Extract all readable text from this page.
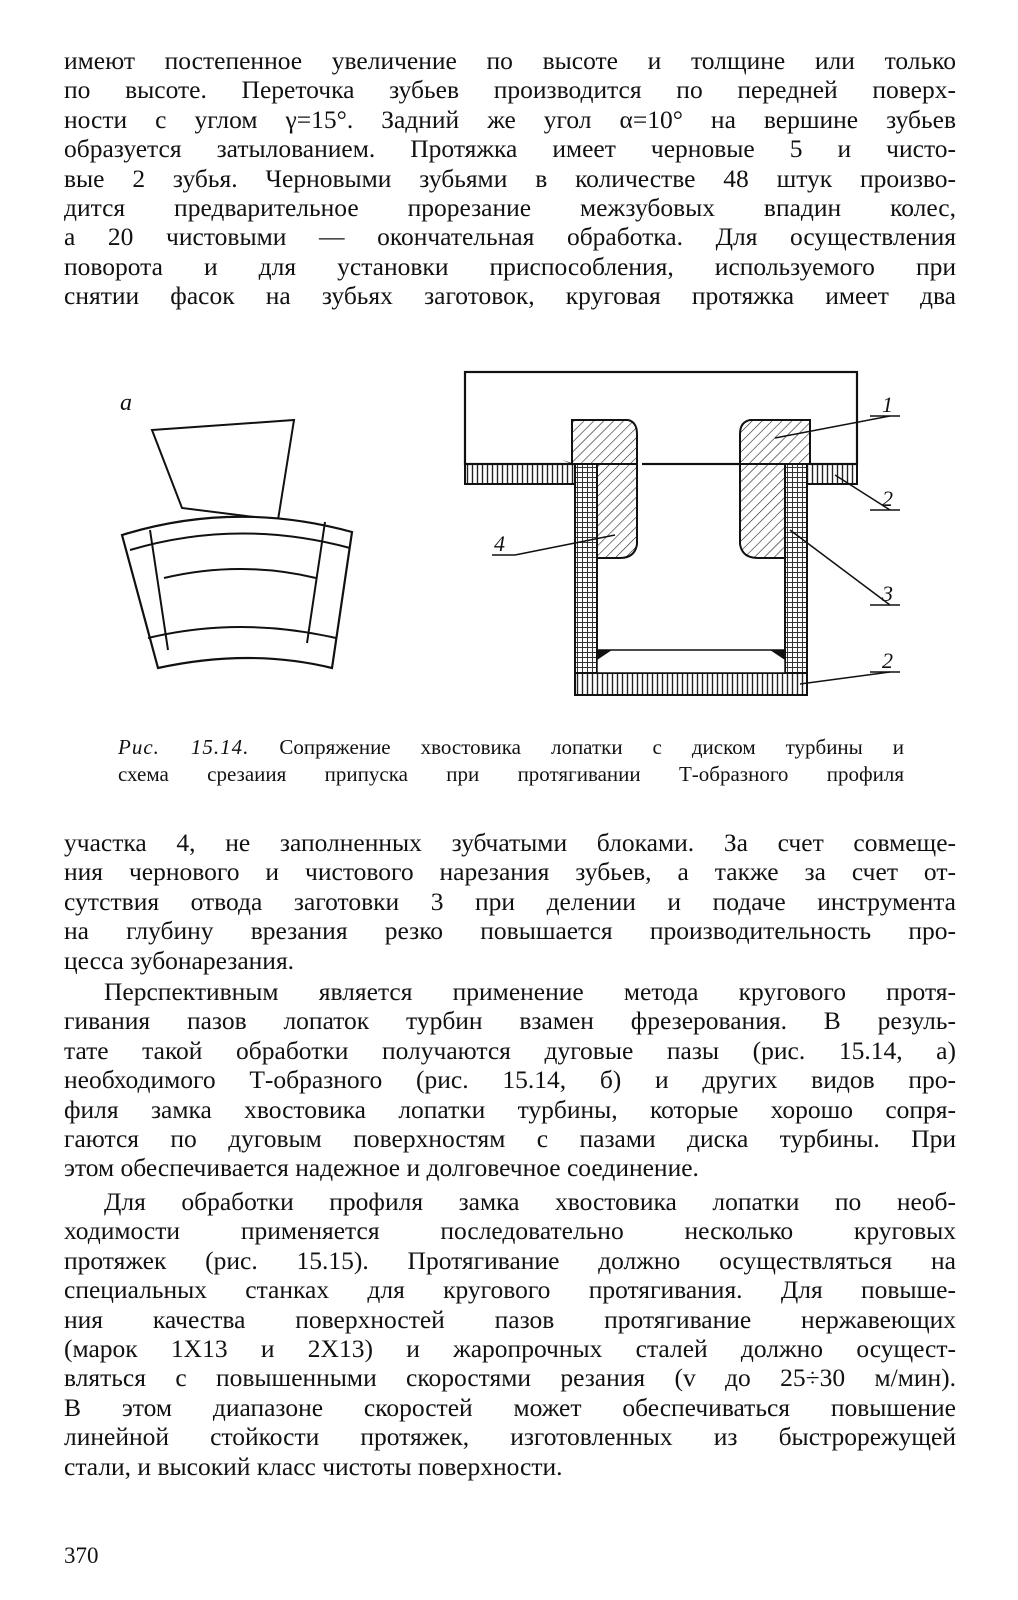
имеют постепенное увеличение по высоте и толщине или только
по высоте. Переточка зубьев производится по передней поверх-
ности с углом γ=15°. Задний же угол α=10° на вершине зубьев
образуется затылованием. Протяжка имеет черновые 5 и чисто-
вые 2 зубья. Черновыми зубьями в количестве 48 штук произво-
дится предварительное прорезание межзубовых впадин колес,
а 20 чистовыми — окончательная обработка. Для осуществления
поворота и для установки приспособления, используемого при
снятии фасок на зубьях заготовок, круговая протяжка имеет два
a	1
2
3
2
4
Рис. 15.14. Сопряжение хвостовика лопатки с диском турбины и
схема срезаиия припуска при протягивании Т-образного профиля
участка 4, не заполненных зубчатыми блоками. За счет совмеще-
ния чернового и чистового нарезания зубьев, а также за счет от-
сутствия отвода заготовки 3 при делении и подаче инструмента
на глубину врезания резко повышается производительность про-
цесса зубонарезания.
Перспективным является применение метода кругового протя-
гивания пазов лопаток турбин взамен фрезерования. В резуль-
тате такой обработки получаются дуговые пазы (рис. 15.14, а)
необходимого Т-образного (рис. 15.14, б) и других видов про-
филя замка хвостовика лопатки турбины, которые хорошо сопря-
гаются по дуговым поверхностям с пазами диска турбины. При
этом обеспечивается надежное и долговечное соединение.
Для обработки профиля замка хвостовика лопатки по необ-
ходимости применяется последовательно несколько круговых
протяжек (рис. 15.15). Протягивание должно осуществляться на
специальных станках для кругового протягивания. Для повыше-
ния качества поверхностей пазов протягивание нержавеющих
(марок 1Х13 и 2Х13) и жаропрочных сталей должно осущест-
вляться с повышенными скоростями резания (v до 25÷30 м/мин).
В этом диапазоне скоростей может обеспечиваться повышение
линейной стойкости протяжек, изготовленных из быстрорежущей
стали, и высокий класс чистоты поверхности.
370
